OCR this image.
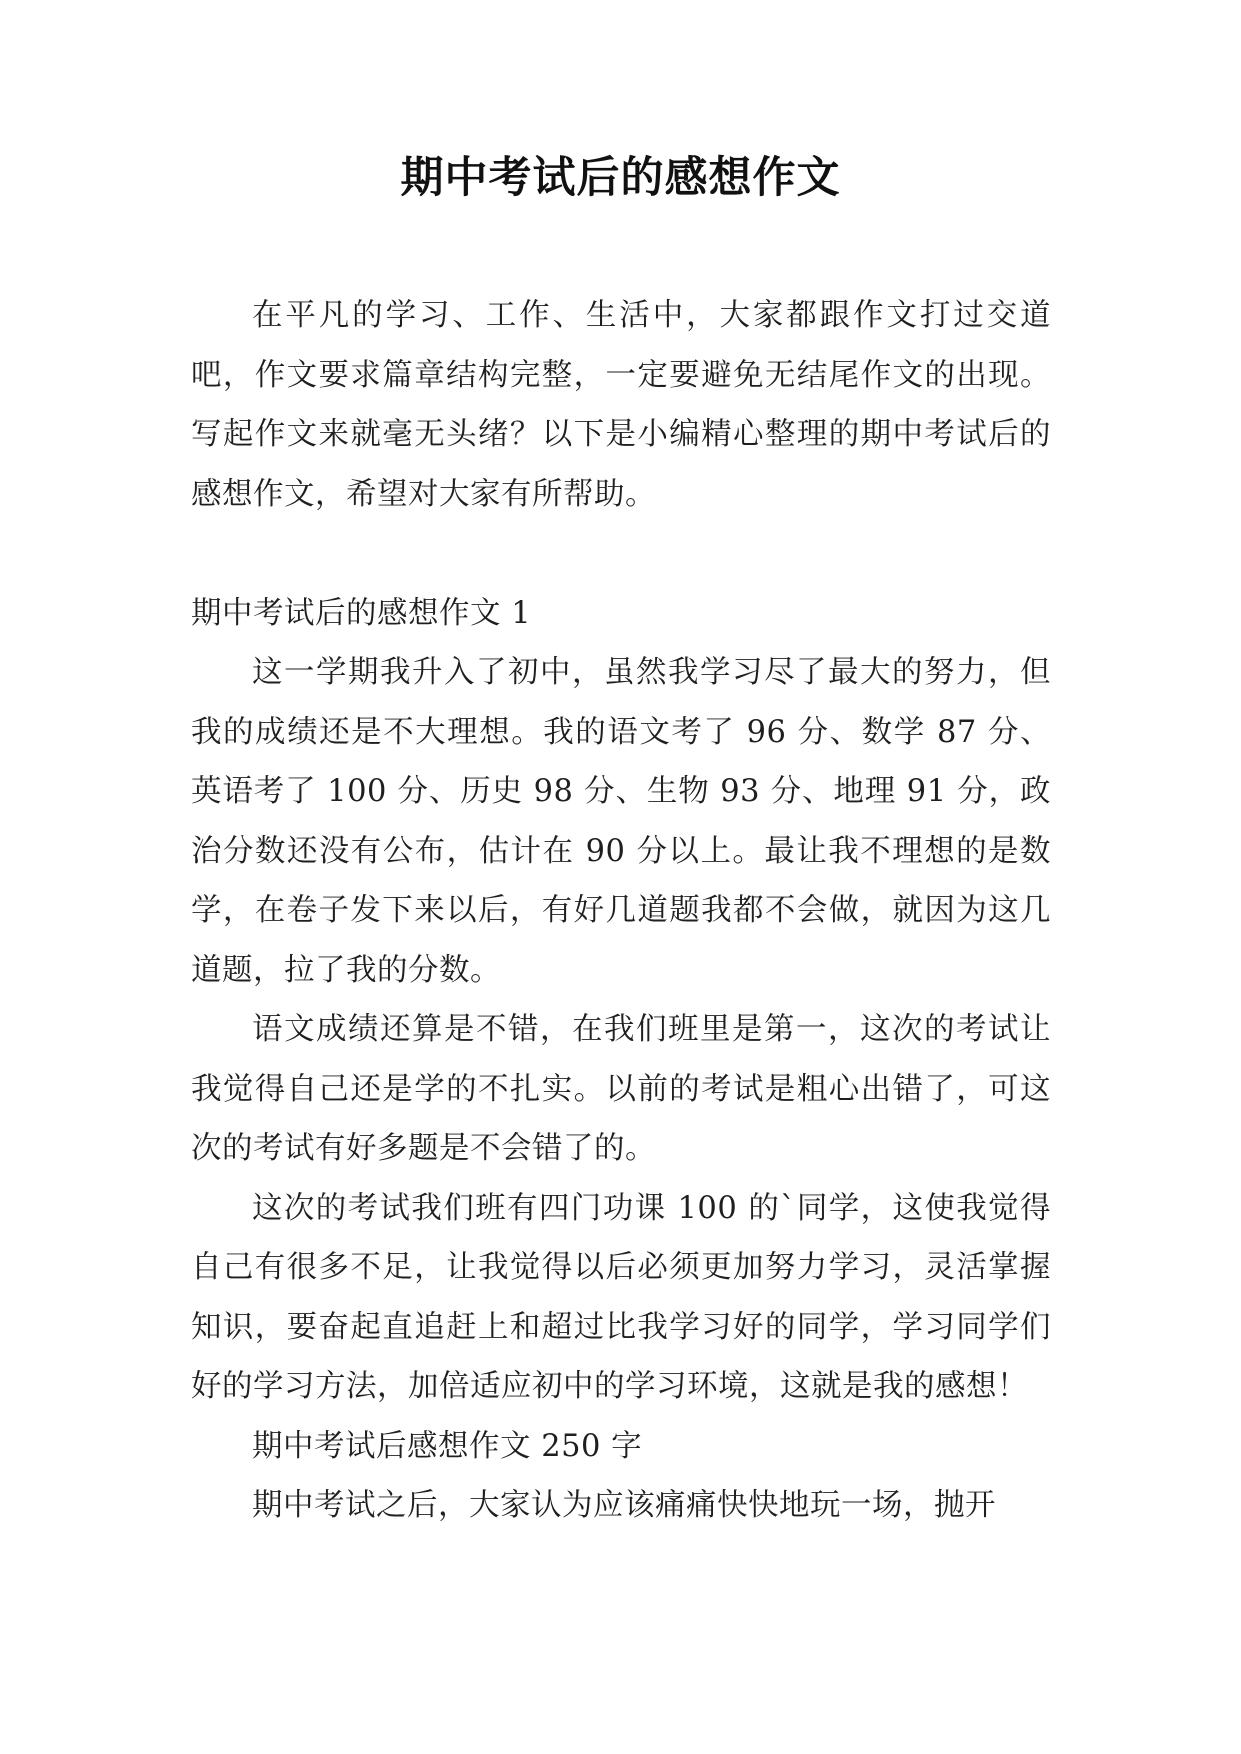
期中考试后的感想作文

在平凡的学习、工作、生活中，大家都跟作文打过交道吧，作文要求篇章结构完整，一定要避免无结尾作文的出现。写起作文来就毫无头绪？以下是小编精心整理的期中考试后的感想作文，希望对大家有所帮助。

期中考试后的感想作文 1

这一学期我升入了初中，虽然我学习尽了最大的努力，但我的成绩还是不大理想。我的语文考了 96 分、数学 87 分、英语考了 100 分、历史 98 分、生物 93 分、地理 91 分，政治分数还没有公布，估计在 90 分以上。最让我不理想的是数学，在卷子发下来以后，有好几道题我都不会做，就因为这几道题，拉了我的分数。

语文成绩还算是不错，在我们班里是第一，这次的考试让我觉得自己还是学的不扎实。以前的考试是粗心出错了，可这次的考试有好多题是不会错了的。

这次的考试我们班有四门功课 100 的`同学，这使我觉得自己有很多不足，让我觉得以后必须更加努力学习，灵活掌握知识，要奋起直追赶上和超过比我学习好的同学，学习同学们好的学习方法，加倍适应初中的学习环境，这就是我的感想！

期中考试后感想作文 250 字

期中考试之后，大家认为应该痛痛快快地玩一场，抛开
